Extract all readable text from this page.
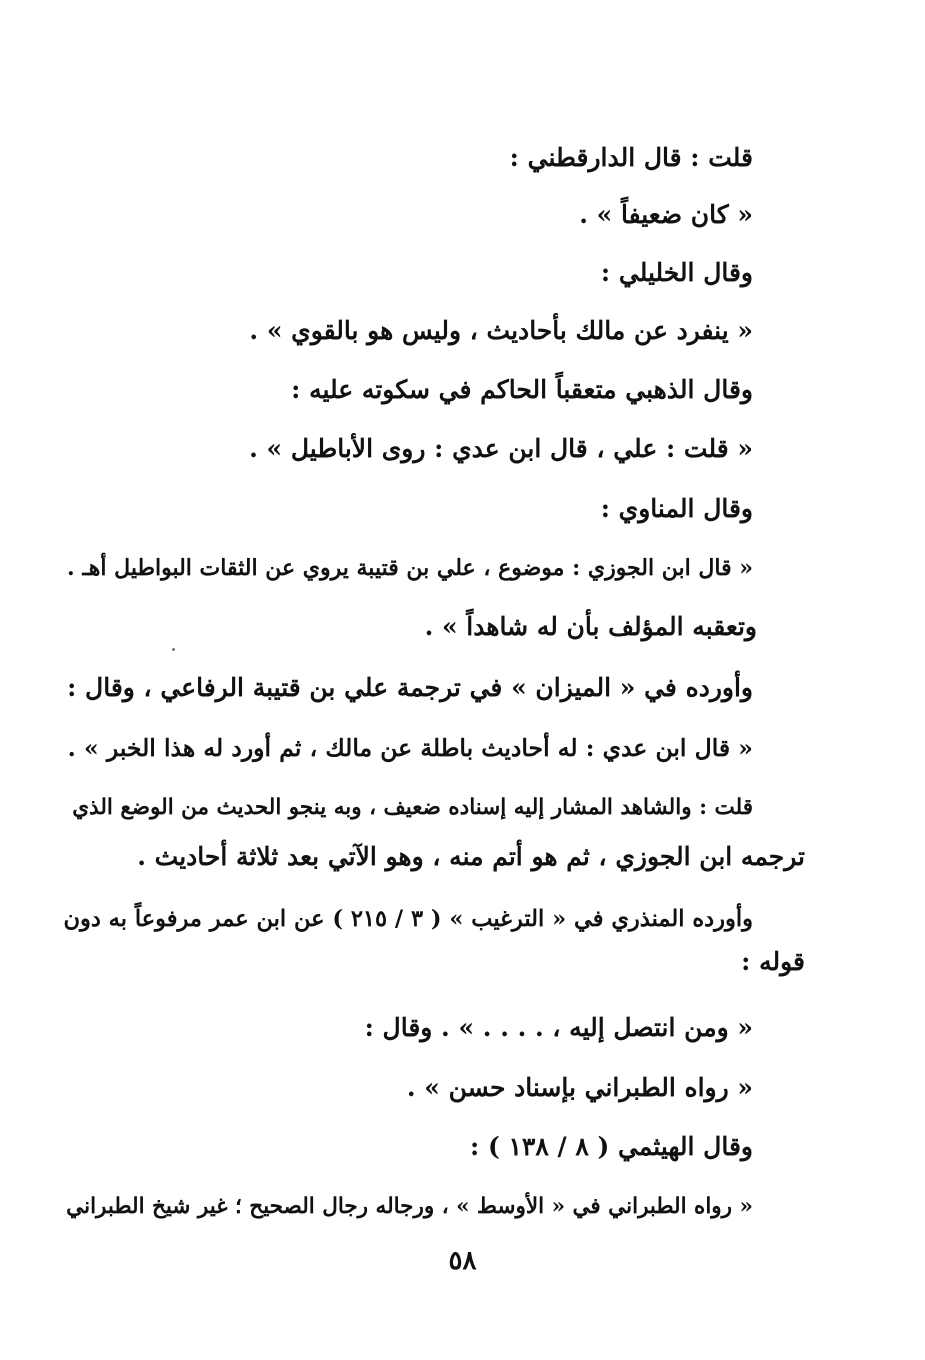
قلت : قال الدارقطني :
« كان ضعيفاً » .
وقال الخليلي :
« ينفرد عن مالك بأحاديث ، وليس هو بالقوي » .
وقال الذهبي متعقباً الحاكم في سكوته عليه :
« قلت : علي ، قال ابن عدي : روى الأباطيل » .
وقال المناوي :
« قال ابن الجوزي : موضوع ، علي بن قتيبة يروي عن الثقات البواطيل أهـ .
وتعقبه المؤلف بأن له شاهداً » .
وأورده في « الميزان » في ترجمة علي بن قتيبة الرفاعي ، وقال :
« قال ابن عدي : له أحاديث باطلة عن مالك ، ثم أورد له هذا الخبر » .
قلت : والشاهد المشار إليه إسناده ضعيف ، وبه ينجو الحديث من الوضع الذي
ترجمه ابن الجوزي ، ثم هو أتم منه ، وهو الآتي بعد ثلاثة أحاديث .
وأورده المنذري في « الترغيب » ( ٣ / ٢١٥ ) عن ابن عمر مرفوعاً به دون
قوله :
« ومن انتصل إليه ، . . . . » . وقال :
« رواه الطبراني بإسناد حسن » .
وقال الهيثمي ( ٨ / ١٣٨ ) :
« رواه الطبراني في « الأوسط » ، ورجاله رجال الصحيح ؛ غير شيخ الطبراني
٥٨
